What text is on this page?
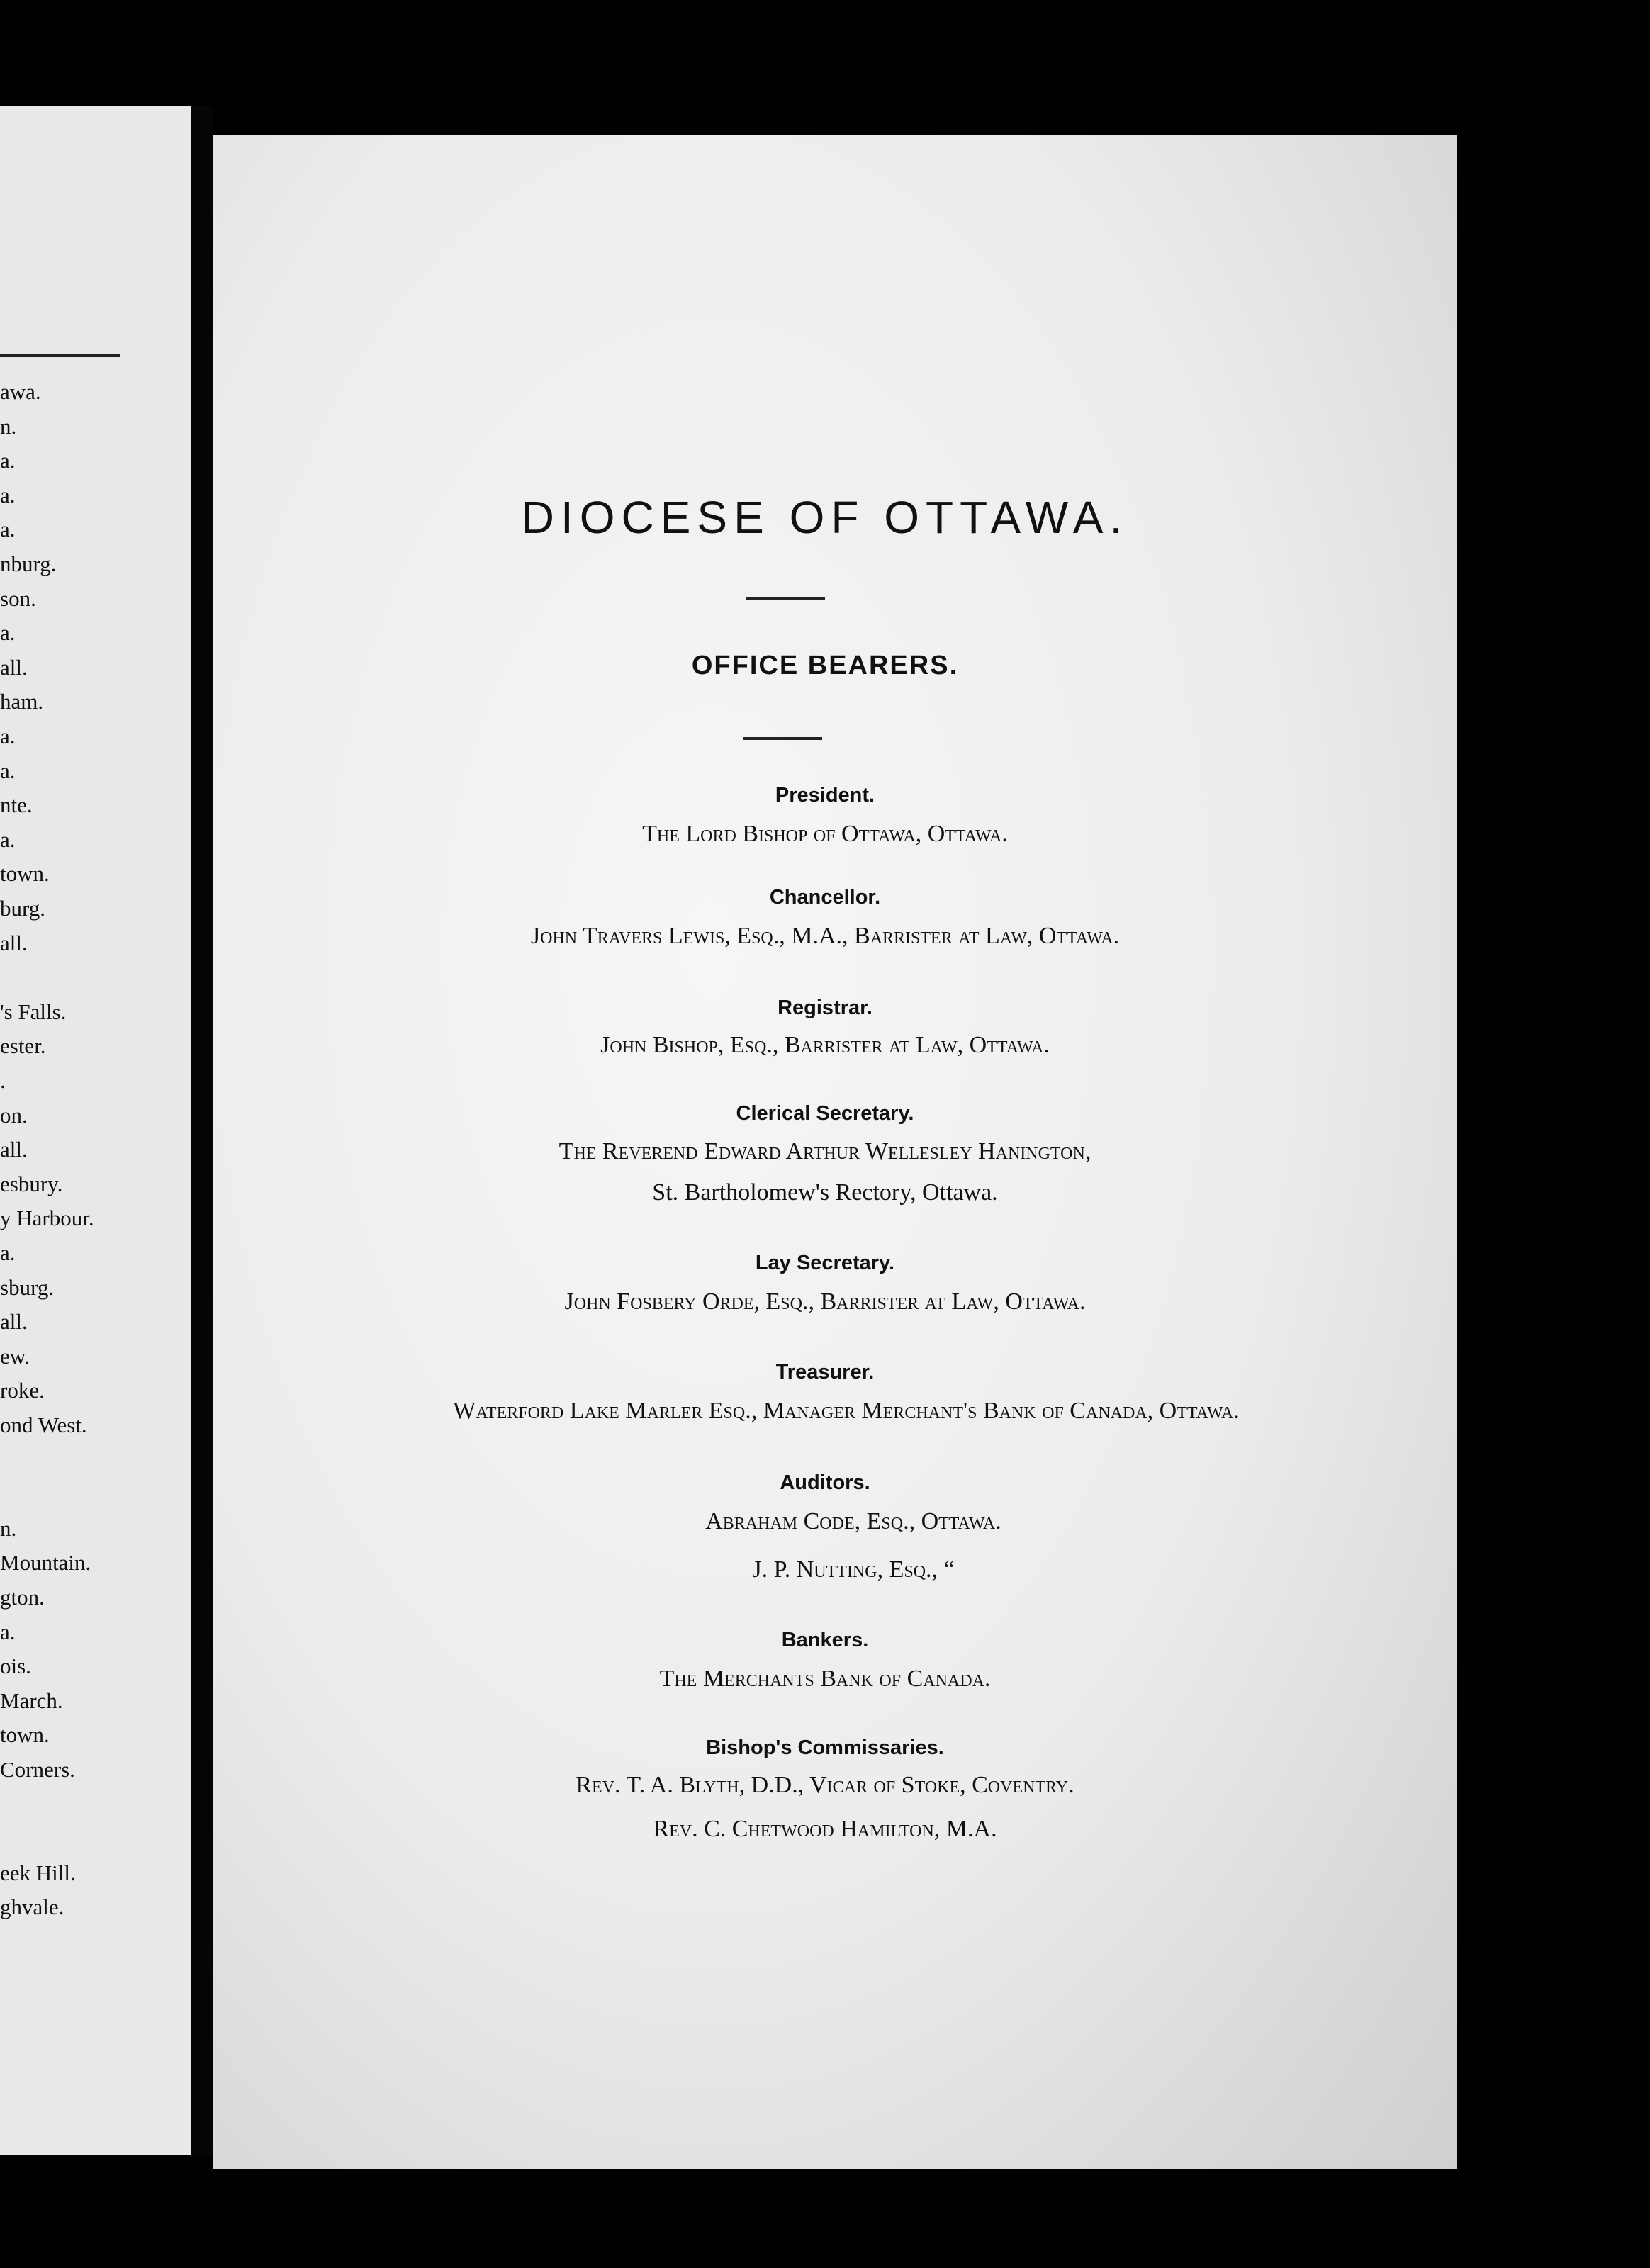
awa.
n.
a.
a.
a.
nburg.
son.
a.
all.
ham.
a.
a.
nte.
a.
town.
burg.
all.
's Falls.
ester.
.
on.
all.
esbury.
y Harbour.
a.
sburg.
all.
ew.
roke.
ond West.
n.
Mountain.
gton.
a.
ois.
March.
town.
Corners.
eek Hill.
ghvale.
DIOCESE OF OTTAWA.
OFFICE BEARERS.
President.
The Lord Bishop of Ottawa, Ottawa.
Chancellor.
John Travers Lewis, Esq., M.A., Barrister at Law, Ottawa.
Registrar.
John Bishop, Esq., Barrister at Law, Ottawa.
Clerical Secretary.
The Reverend Edward Arthur Wellesley Hanington,
St. Bartholomew's Rectory, Ottawa.
Lay Secretary.
John Fosbery Orde, Esq., Barrister at Law, Ottawa.
Treasurer.
Waterford Lake Marler Esq., Manager Merchant's Bank of Canada, Ottawa.
Auditors.
Abraham Code, Esq., Ottawa.
J. P. Nutting, Esq., “
Bankers.
The Merchants Bank of Canada.
Bishop's Commissaries.
Rev. T. A. Blyth, D.D., Vicar of Stoke, Coventry.
Rev. C. Chetwood Hamilton, M.A.
